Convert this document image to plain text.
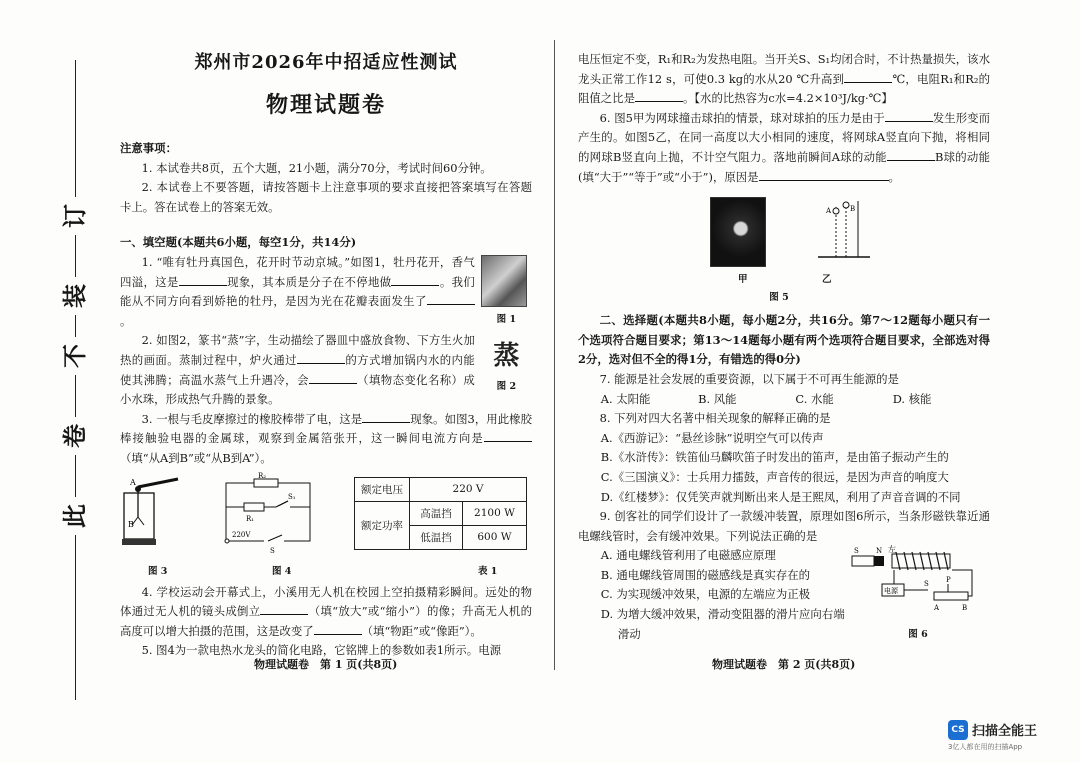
此
卷
不
装
订
郑州市2026年中招适应性测试
物理试题卷

注意事项：

1. 本试卷共8页，五个大题，21小题，满分70分，考试时间60分钟。

2. 本试卷上不要答题，请按答题卡上注意事项的要求直接把答案填写在答题卡上。答在试卷上的答案无效。

一、填空题(本题共6小题，每空1分，共14分)

1. “唯有牡丹真国色，花开时节动京城。”如图1，牡丹花开，香气四溢，这是	现象，其本质是分子在不停地做	。我们能从不同方向看到娇艳的牡丹，是因为光在花瓣表面发生了。

2. 如图2，篆书“蒸”字，生动描绘了器皿中盛放食物、下方生火加热的画面。蒸制过程中，炉火通过	的方式增加锅内水的内能使其沸腾；高温水蒸气上升遇冷，会	（填物态变化名称）成小水珠，形成热气升腾的景象。

图 1
蒸
图 2

3. 一根与毛皮摩擦过的橡胶棒带了电，这是	现象。如图3，用此橡胶棒接触验电器的金属球，观察到金属箔张开，这一瞬间电流方向是（填“从A到B”或“从B到A”）。

A
B
R₂
R₁
S₁
220V
S
额定电压	220 V	
额定功率	高温挡	2100 W
	低温挡	600 W
图 3	图 4	表 1

4. 学校运动会开幕式上，小溪用无人机在校园上空拍摄精彩瞬间。远处的物体通过无人机的镜头成倒立	（填“放大”或“缩小”）的像；升高无人机的高度可以增大拍摄的范围，这是改变了	（填“物距”或“像距”）。

5. 图4为一款电热水龙头的简化电路，它铭牌上的参数如表1所示。电源

物理试题卷　第 1 页(共8页)

电压恒定不变，R₁和R₂为发热电阻。当开关S、S₁均闭合时，不计热量损失，该水龙头正常工作12 s，可使0.3 kg的水从20 ℃升高到	℃，电阻R₁和R₂的阻值之比是	。【水的比热容为c水=4.2×10³J/kg·℃】

6. 图5甲为网球撞击球拍的情景，球对球拍的压力是由于	发生形变而产生的。如图5乙，在同一高度以大小相同的速度，将网球A竖直向下抛，将相同的网球B竖直向上抛，不计空气阻力。落地前瞬间A球的动能	B球的动能(填“大于”“等于”或“小于”)，原因是	。

A	B
甲	乙
图 5

二、选择题(本题共8小题，每小题2分，共16分。第7～12题每小题只有一个选项符合题目要求；第13～14题每小题有两个选项符合题目要求，全部选对得2分，选对但不全的得1分，有错选的得0分)

7. 能源是社会发展的重要资源，以下属于不可再生能源的是

A. 太阳能	B. 风能	C. 水能	D. 核能

8. 下列对四大名著中相关现象的解释正确的是

A.《西游记》：“悬丝诊脉”说明空气可以传声

B.《水浒传》：铁笛仙马麟吹笛子时发出的笛声，是由笛子振动产生的

C.《三国演义》：士兵用力擂鼓，声音传的很远，是因为声音的响度大

D.《红楼梦》：仅凭笑声就判断出来人是王熙凤，利用了声音音调的不同

9. 创客社的同学们设计了一款缓冲装置，原理如图6所示，当条形磁铁靠近通电螺线管时，会有缓冲效果。下列说法正确的是

A. 通电螺线管利用了电磁感应原理

B. 通电螺线管周围的磁感线是真实存在的

C. 为实现缓冲效果，电源的左端应为正极

D. 为增大缓冲效果，滑动变阻器的滑片应向右端

滑动

S N 左
电源
S P
A	B
图 6
物理试题卷　第 2 页(共8页)
CS 扫描全能王
3亿人都在用的扫描App
